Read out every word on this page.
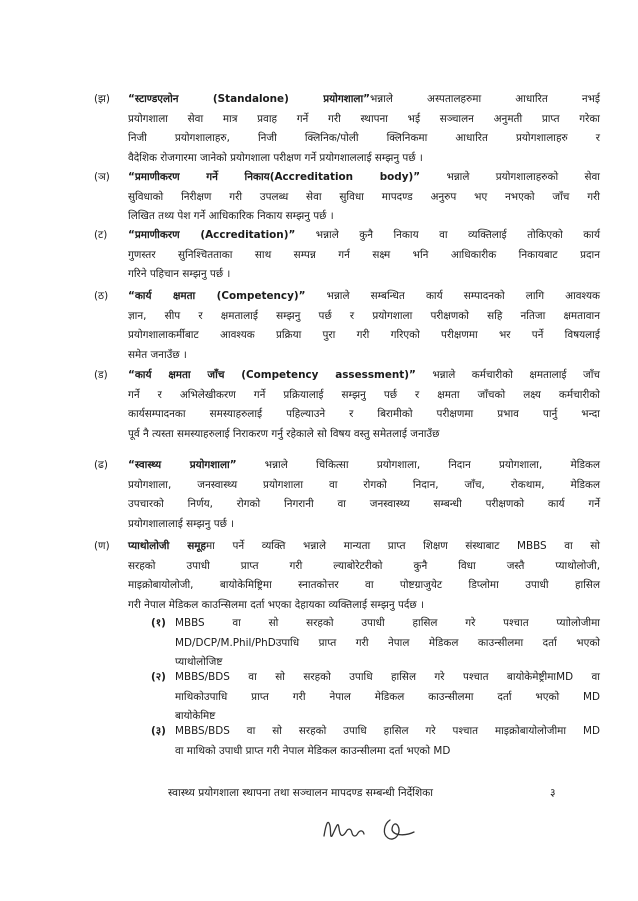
(झ)	“स्टाण्डएलोन (Standalone) प्रयोगशाला”भन्नाले अस्पतालहरुमा आधारित नभई
प्रयोगशाला सेवा मात्र प्रवाह गर्ने गरी स्थापना भई सञ्चालन अनुमती प्राप्त गरेका
निजी प्रयोगशालाहरु, निजी क्लिनिक/पोली क्लिनिकमा आधारित प्रयोगशालाहरु र
वैदेशिक रोजगारमा जानेको प्रयोगशाला परीक्षण गर्ने प्रयोगशाललाई सम्झनु पर्छ ।
(ञ)	“प्रमाणीकरण गर्ने निकाय(Accreditation body)” भन्नाले प्रयोगशालाहरुको सेवा
सुविधाको निरीक्षण गरी उपलब्ध सेवा सुविधा मापदण्ड अनुरुप भए नभएको जाँच गरी
लिखित तथ्य पेश गर्ने आधिकारिक निकाय सम्झनु पर्छ ।
(ट)	“प्रमाणीकरण (Accreditation)” भन्नाले कुनै निकाय वा व्यक्तिलाई तोकिएको कार्य
गुणस्तर सुनिश्चितताका साथ सम्पन्न गर्न सक्ष्म भनि आधिकारीक निकायबाट प्रदान
गरिने पहिचान सम्झनु पर्छ ।
(ठ)	“कार्य क्षमता (Competency)” भन्नाले सम्बन्धित कार्य सम्पादनको लागि आवश्यक
ज्ञान, सीप र क्षमतालाई सम्झनु पर्छ र प्रयोगशाला परीक्षणको सहि नतिजा क्षमतावान
प्रयोगशालाकर्मीबाट आवश्यक प्रक्रिया पुरा गरी गरिएको परीक्षणमा भर पर्ने विषयलाई
समेत जनाउँछ ।
(ड)	“कार्य क्षमता जाँच (Competency assessment)” भन्नाले कर्मचारीको क्षमतालाई जाँच
गर्ने र अभिलेखीकरण गर्ने प्रक्रियालाई सम्झनु पर्छ र क्षमता जाँचको लक्ष्य कर्मचारीको
कार्यसम्पादनका समस्याहरुलाई पहिल्याउने र बिरामीको परीक्षणमा प्रभाव पार्नु भन्दा
पूर्व नै त्यस्ता समस्याहरुलाई निराकरण गर्नु रहेकाले सो विषय वस्तु समेतलाई जनाउँछ
(ढ)	“स्वास्थ्य प्रयोगशाला” भन्नाले चिकित्सा प्रयोगशाला, निदान प्रयोगशाला, मेडिकल
प्रयोगशाला, जनस्वास्थ्य प्रयोगशाला वा रोगको निदान, जाँच, रोकथाम, मेडिकल
उपचारको निर्णय, रोगको निगरानी वा जनस्वास्थ्य सम्बन्धी परीक्षणको कार्य गर्ने
प्रयोगशालालाई सम्झनु पर्छ ।
(ण)	प्याथोलोजी समूहमा पर्ने व्यक्ति भन्नाले मान्यता प्राप्त शिक्षण संस्थाबाट MBBS वा सो
सरहको उपाधी प्राप्त गरी ल्याबोरेटरीको कुनै विधा जस्तै प्याथोलोजी,
माइक्रोबायोलोजी, बायोकेमिष्ट्रिमा स्नातकोत्तर वा पोष्टग्राजुयेट डिप्लोमा उपाधी हासिल
गरी नेपाल मेडिकल काउन्सिलमा दर्ता भएका देहायका व्यक्तिलाई सम्झनु पर्दछ ।
(१) MBBS वा सो सरहको उपाधी हासिल गरे पश्चात प्याोलोजीमा
MD/DCP/M.Phil/PhDउपाधि प्राप्त गरी नेपाल मेडिकल काउन्सीलमा दर्ता भएको
प्याथोलोजिष्ट
(२) MBBS/BDS वा सो सरहको उपाधि हासिल गरे पश्चात बायोकेमेष्ट्रीमाMD वा
माथिकोउपाधि प्राप्त गरी नेपाल मेडिकल काउन्सीलमा दर्ता भएको MD
बायोकेमिष्ट
(३) MBBS/BDS वा सो सरहको उपाधि हासिल गरे पश्चात माइक्रोबायोलोजीमा MD
वा माथिको उपाधी प्राप्त गरी नेपाल मेडिकल काउन्सीलमा दर्ता भएको MD
स्वास्थ्य प्रयोगशाला स्थापना तथा सञ्चालन मापदण्ड सम्बन्धी निर्देशिका	३
